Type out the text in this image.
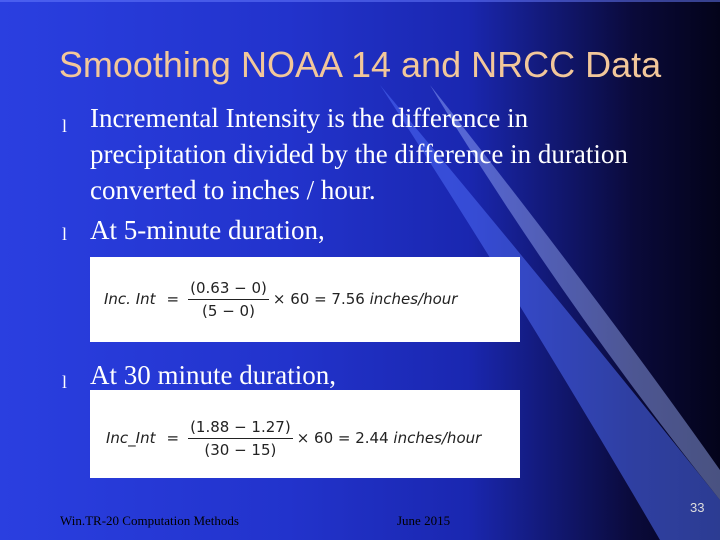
Smoothing NOAA 14 and NRCC Data
l Incremental Intensity is the difference in precipitation divided by the difference in duration converted to inches / hour.
l At 5-minute duration,
Inc. Int = $\frac{(0.63 - 0)}{(5 - 0)} \times 60 = 7.56$ inches/hour
l At 30 minute duration,
Inc_Int = $\frac{(1.88 - 1.27)}{(30 - 15)} \times 60 = 2.44$ inches/hour
Win.TR-20 Computation Methods	June 2015
33
